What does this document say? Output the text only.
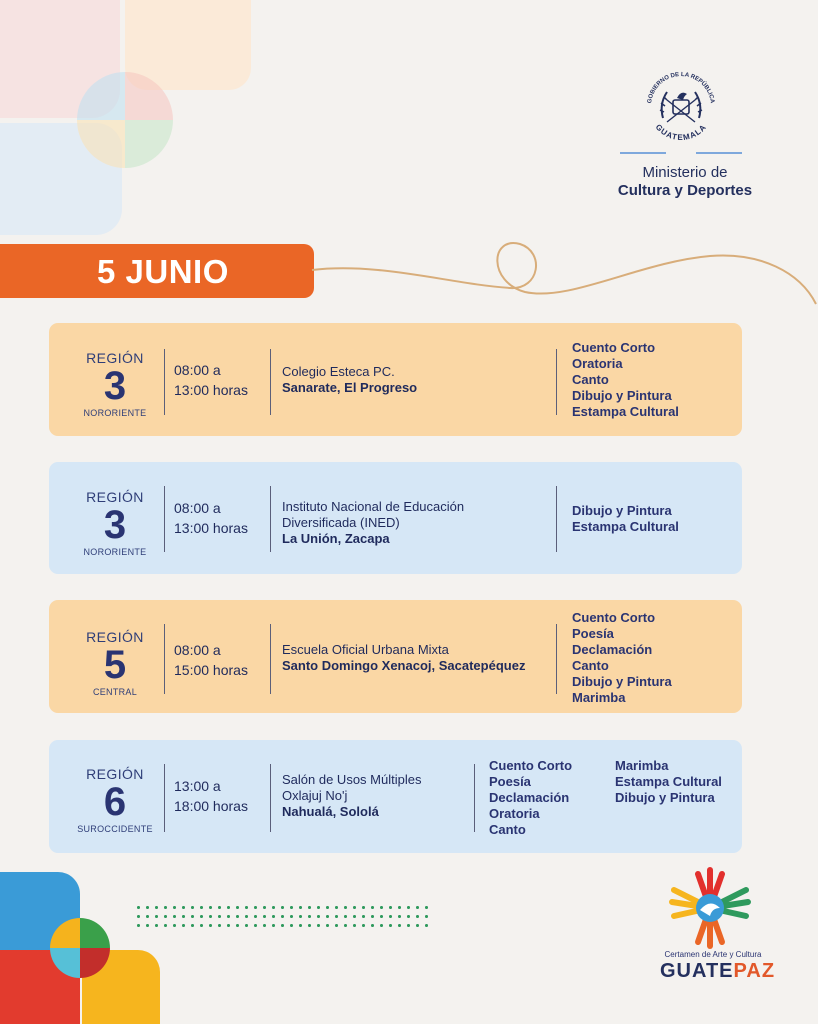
GOBIERNO DE LA REPÚBLICA
GUATEMALA
Ministerio de
Cultura y Deportes
5 JUNIO
REGIÓN
3
NORORIENTE
08:00 a
13:00 horas
Colegio Esteca PC.
Sanarate, El Progreso
Cuento Corto
Oratoria
Canto
Dibujo y Pintura
Estampa Cultural
REGIÓN
3
NORORIENTE
08:00 a
13:00 horas
Instituto Nacional de Educación
Diversificada (INED)
La Unión, Zacapa
Dibujo y Pintura
Estampa Cultural
REGIÓN
5
CENTRAL
08:00 a
15:00 horas
Escuela Oficial Urbana Mixta
Santo Domingo Xenacoj, Sacatepéquez
Cuento Corto
Poesía
Declamación
Canto
Dibujo y Pintura
Marimba
REGIÓN
6
SUROCCIDENTE
13:00 a
18:00 horas
Salón de Usos Múltiples
Oxlajuj No'j
Nahualá, Sololá
Cuento Corto
Poesía
Declamación
Oratoria
Canto
Marimba
Estampa Cultural
Dibujo y Pintura
Certamen de Arte y Cultura
GUATEPAZ
